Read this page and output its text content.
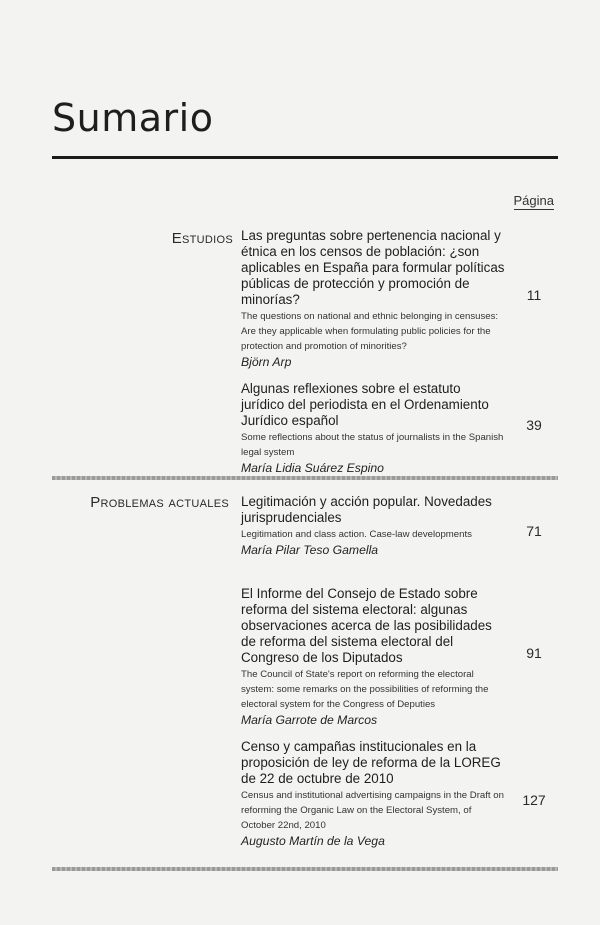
Sumario
Página
Estudios Las preguntas sobre pertenencia nacional y étnica en los censos de población: ¿son aplicables en España para formular políticas públicas de protección y promoción de minorías?
The questions on national and ethnic belonging in censuses: Are they applicable when formulating public policies for the protection and promotion of minorities?
Björn Arp
11
Algunas reflexiones sobre el estatuto jurídico del periodista en el Ordenamiento Jurídico español
Some reflections about the status of journalists in the Spanish legal system
María Lidia Suárez Espino
39
Problemas actuales Legitimación y acción popular. Novedades jurisprudenciales
Legitimation and class action. Case-law developments
María Pilar Teso Gamella
71
El Informe del Consejo de Estado sobre reforma del sistema electoral: algunas observaciones acerca de las posibilidades de reforma del sistema electoral del Congreso de los Diputados
The Council of State's report on reforming the electoral system: some remarks on the possibilities of reforming the electoral system for the Congress of Deputies
María Garrote de Marcos
91
Censo y campañas institucionales en la proposición de ley de reforma de la LOREG de 22 de octubre de 2010
Census and institutional advertising campaigns in the Draft on reforming the Organic Law on the Electoral System, of October 22nd, 2010
Augusto Martín de la Vega
127
